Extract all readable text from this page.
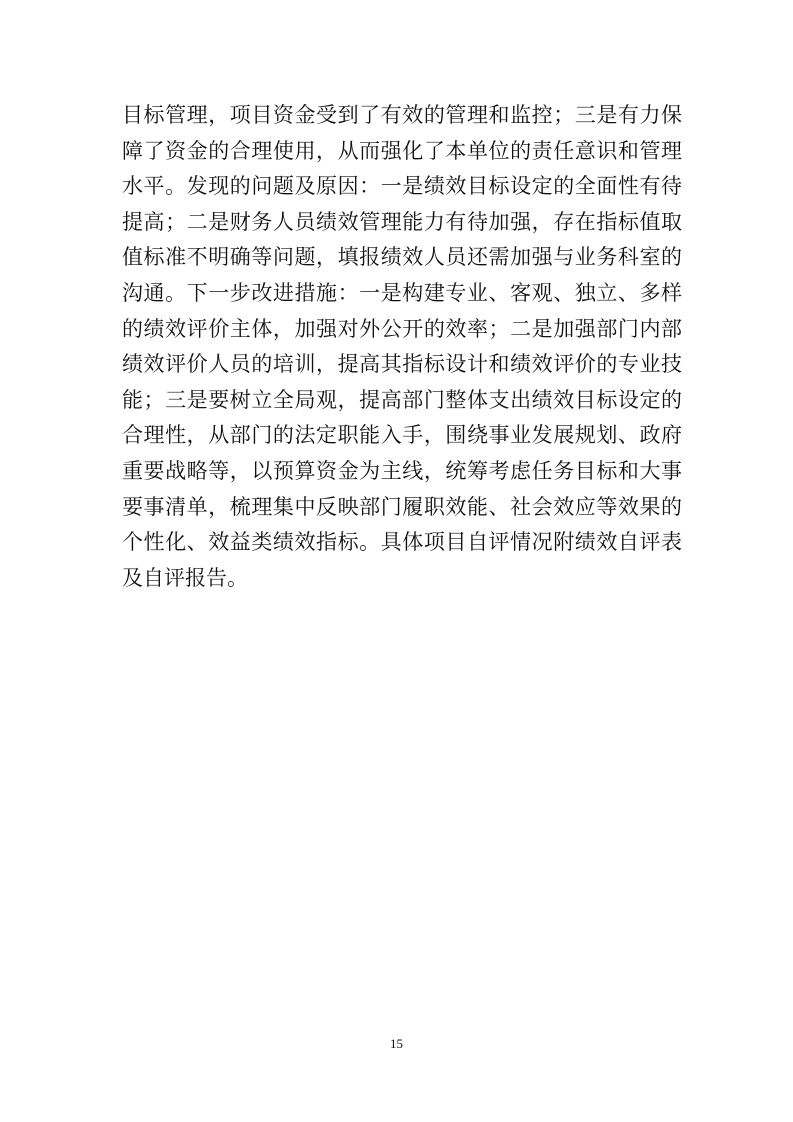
目标管理，项目资金受到了有效的管理和监控；三是有力保
障了资金的合理使用，从而强化了本单位的责任意识和管理
水平。发现的问题及原因：一是绩效目标设定的全面性有待
提高；二是财务人员绩效管理能力有待加强，存在指标值取
值标准不明确等问题，填报绩效人员还需加强与业务科室的
沟通。下一步改进措施：一是构建专业、客观、独立、多样
的绩效评价主体，加强对外公开的效率；二是加强部门内部
绩效评价人员的培训，提高其指标设计和绩效评价的专业技
能；三是要树立全局观，提高部门整体支出绩效目标设定的
合理性，从部门的法定职能入手，围绕事业发展规划、政府
重要战略等，以预算资金为主线，统筹考虑任务目标和大事
要事清单，梳理集中反映部门履职效能、社会效应等效果的
个性化、效益类绩效指标。具体项目自评情况附绩效自评表
及自评报告。
15
